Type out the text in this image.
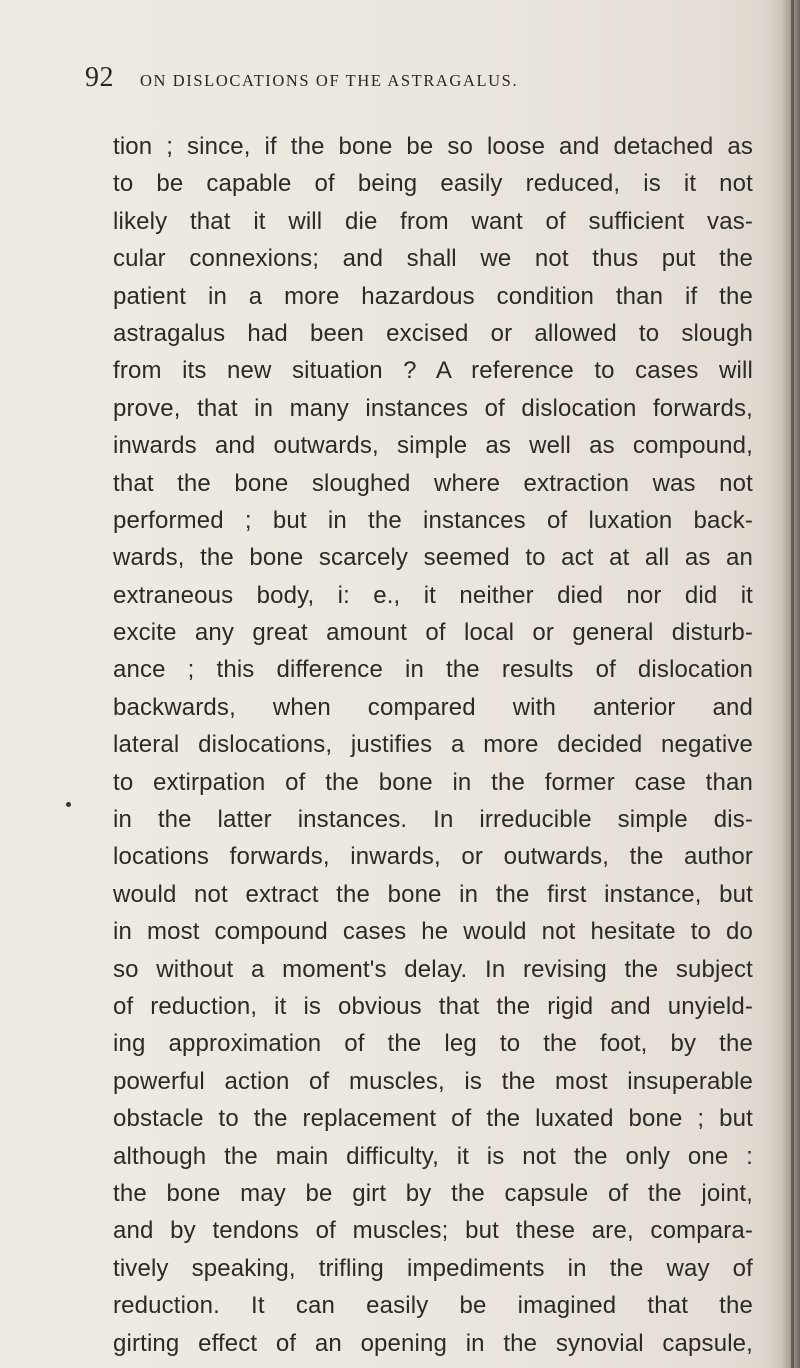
92 ON DISLOCATIONS OF THE ASTRAGALUS.
tion ; since, if the bone be so loose and detached as
to be capable of being easily reduced, is it not
likely that it will die from want of sufficient vas-
cular connexions; and shall we not thus put the
patient in a more hazardous condition than if the
astragalus had been excised or allowed to slough
from its new situation ? A reference to cases will
prove, that in many instances of dislocation forwards,
inwards and outwards, simple as well as compound,
that the bone sloughed where extraction was not
performed ; but in the instances of luxation back-
wards, the bone scarcely seemed to act at all as an
extraneous body, i: e., it neither died nor did it
excite any great amount of local or general disturb-
ance ; this difference in the results of dislocation
backwards, when compared with anterior and
lateral dislocations, justifies a more decided negative
to extirpation of the bone in the former case than
in the latter instances. In irreducible simple dis-
locations forwards, inwards, or outwards, the author
would not extract the bone in the first instance, but
in most compound cases he would not hesitate to do
so without a moment's delay. In revising the subject
of reduction, it is obvious that the rigid and unyield-
ing approximation of the leg to the foot, by the
powerful action of muscles, is the most insuperable
obstacle to the replacement of the luxated bone ; but
although the main difficulty, it is not the only one :
the bone may be girt by the capsule of the joint,
and by tendons of muscles; but these are, compara-
tively speaking, trifling impediments in the way of
reduction. It can easily be imagined that the
girting effect of an opening in the synovial capsule,
